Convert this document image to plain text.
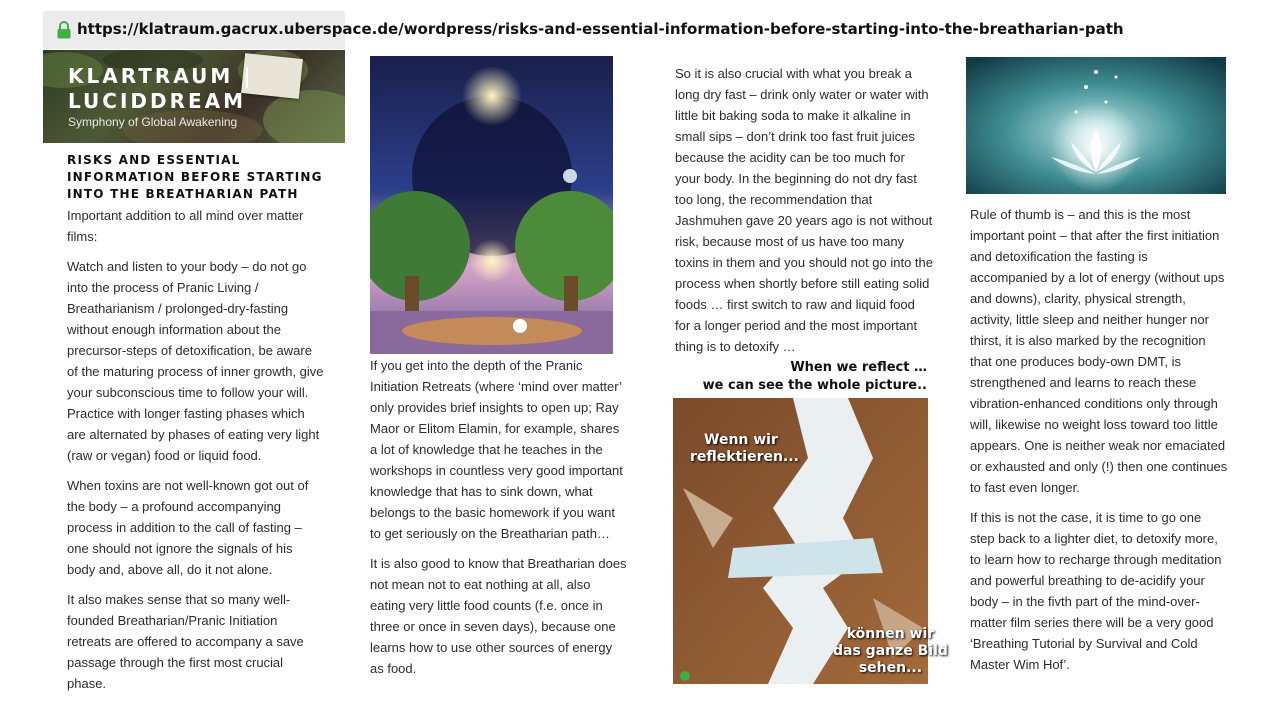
https://klatraum.gacrux.uberspace.de/wordpress/risks-and-essential-information-before-starting-into-the-breatharian-path
KLARTRAUM |
LUCIDDREAM
Symphony of Global Awakening
RISKS AND ESSENTIAL INFORMATION BEFORE STARTING INTO THE BREATHARIAN PATH

Important addition to all mind over matter films:

Watch and listen to your body – do not go into the process of Pranic Living / Breatharianism / prolonged-dry-fasting without enough information about the precursor-steps of detoxification, be aware of the maturing process of inner growth, give your subconscious time to follow your will. Practice with longer fasting phases which are alternated by phases of eating very light (raw or vegan) food or liquid food.

When toxins are not well-known got out of the body – a profound accompanying process in addition to the call of fasting – one should not ignore the signals of his body and, above all, do it not alone.

It also makes sense that so many well-founded Breatharian/Pranic Initiation retreats are offered to accompany a save passage through the first most crucial phase.

If you get into the depth of the Pranic Initiation Retreats (where ‘mind over matter’ only provides brief insights to open up; Ray Maor or Elitom Elamin, for example, shares a lot of knowledge that he teaches in the workshops in countless very good important knowledge that has to sink down, what belongs to the basic homework if you want to get seriously on the Breatharian path…

It is also good to know that Breatharian does not mean not to eat nothing at all, also eating very little food counts (f.e. once in three or once in seven days), because one learns how to use other sources of energy as food.

So it is also crucial with what you break a long dry fast – drink only water or water with little bit baking soda to make it alkaline in small sips – don’t drink too fast fruit juices because the acidity can be too much for your body. In the beginning do not dry fast too long, the recommendation that Jashmuhen gave 20 years ago is not without risk, because most of us have too many toxins in them and you should not go into the process when shortly before still eating solid foods … first switch to raw and liquid food for a longer period and the most important thing is to detoxify …

When we reflect …
we can see the whole picture..
Wenn wir
reflektieren...
können wir
das ganze Bild
sehen...

Rule of thumb is – and this is the most important point – that after the first initiation and detoxification the fasting is accompanied by a lot of energy (without ups and downs), clarity, physical strength, activity, little sleep and neither hunger nor thirst, it is also marked by the recognition that one produces body-own DMT, is strengthened and learns to reach these vibration-enhanced conditions only through will, likewise no weight loss toward too little appears. One is neither weak nor emaciated or exhausted and only (!) then one continues to fast even longer.

If this is not the case, it is time to go one step back to a lighter diet, to detoxify more, to learn how to recharge through meditation and powerful breathing to de-acidify your body – in the fivth part of the mind-over-matter film series there will be a very good ‘Breathing Tutorial by Survival and Cold Master Wim Hof’.
